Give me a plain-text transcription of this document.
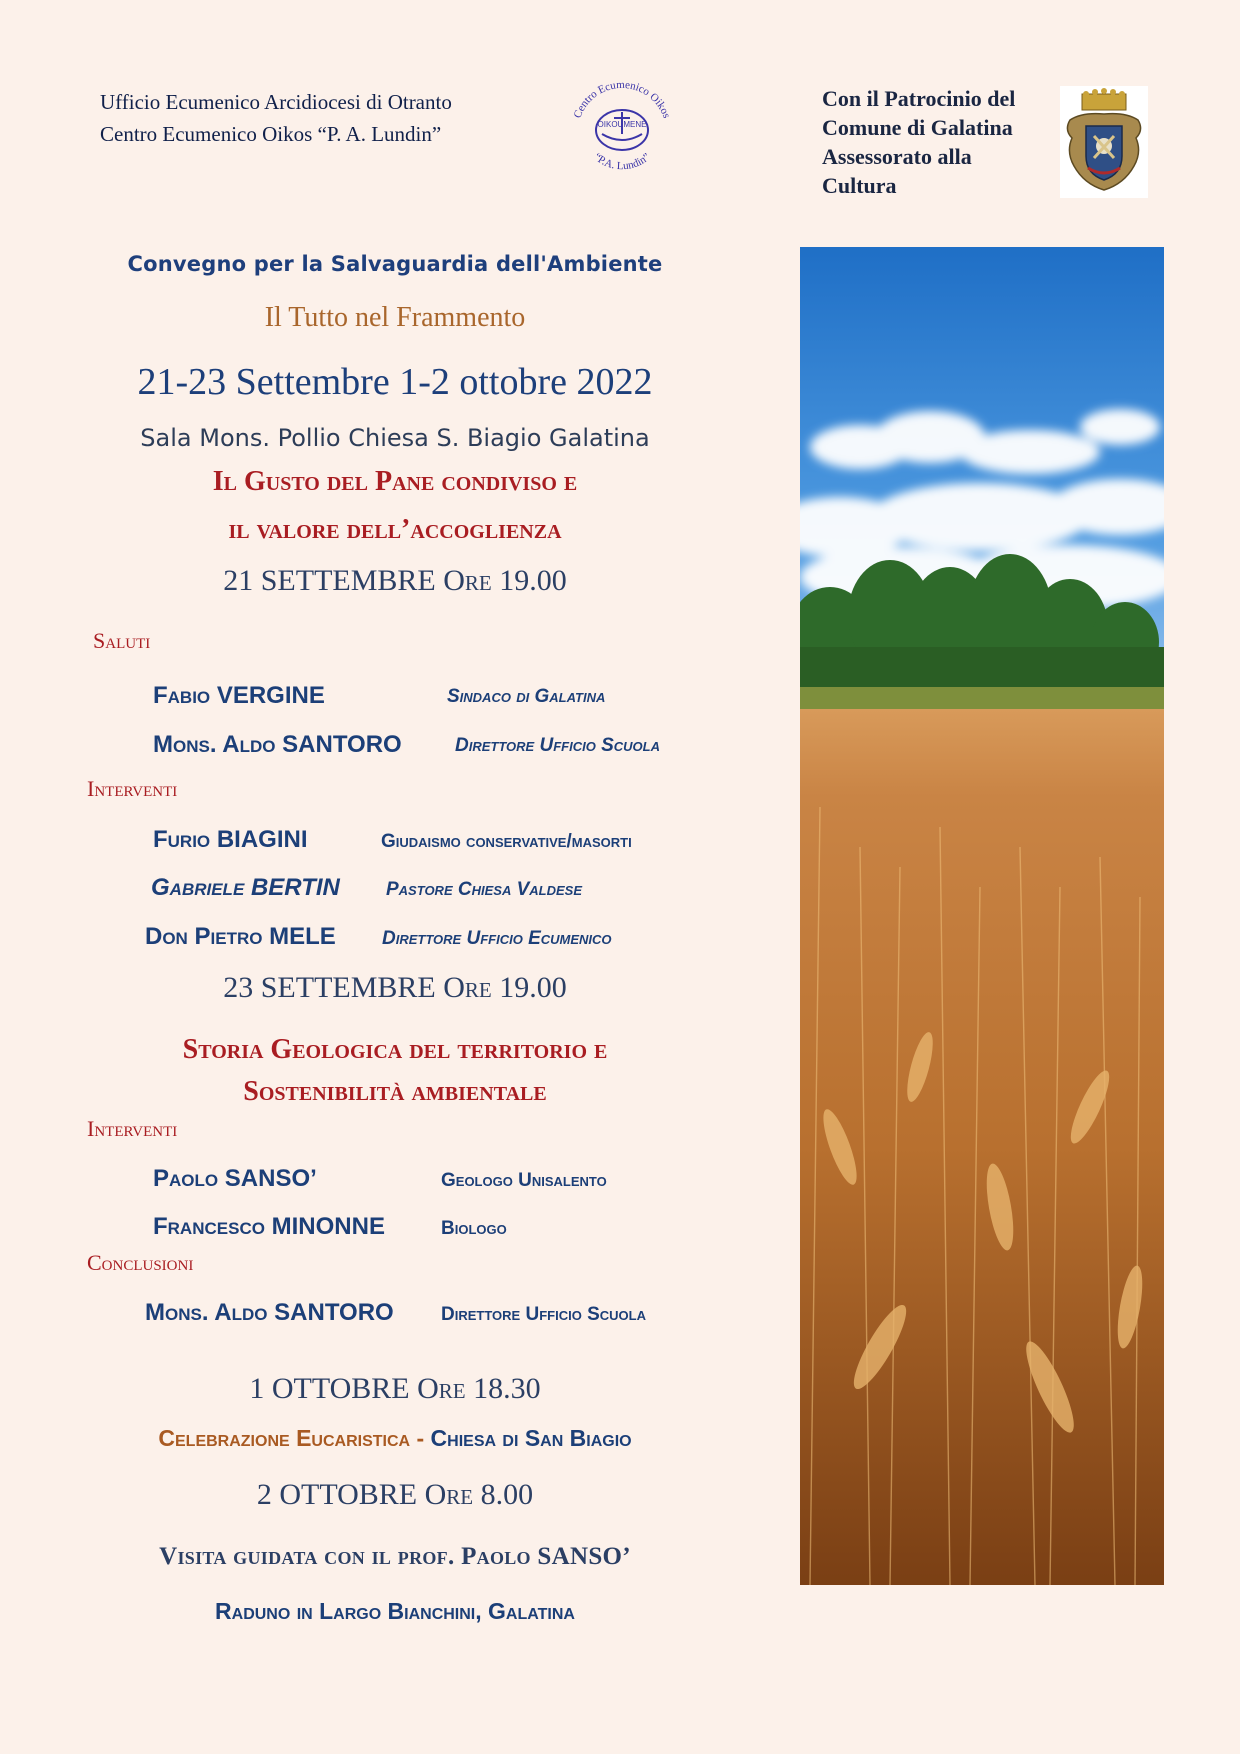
Ufficio Ecumenico Arcidiocesi di Otranto
Centro Ecumenico Oikos “P. A. Lundin”
Centro Ecumenico Oikos
“P.A. Lundin”
OIKOUMENE
Con il Patrocinio del
Comune di Galatina
Assessorato alla
Cultura
Convegno per la Salvaguardia dell'Ambiente
Il Tutto nel Frammento
21-23 Settembre 1-2 ottobre 2022
Sala Mons. Pollio Chiesa S. Biagio Galatina
Il Gusto del Pane condiviso e
il valore dell’accoglienza
21 SETTEMBRE Ore 19.00
Saluti
Fabio VERGINE	Sindaco di Galatina
Mons. Aldo SANTORO	Direttore Ufficio Scuola
Interventi
Furio BIAGINI	Giudaismo conservative/masorti
Gabriele BERTIN Pastore Chiesa Valdese
Don Pietro MELE Direttore Ufficio Ecumenico
23 SETTEMBRE Ore 19.00
Storia Geologica del territorio e
Sostenibilità ambientale
Interventi
Paolo SANSO’	Geologo Unisalento
Francesco MINONNE	Biologo
Conclusioni
Mons. Aldo SANTORO Direttore Ufficio Scuola
1 OTTOBRE Ore 18.30
Celebrazione Eucaristica - Chiesa di San Biagio
2 OTTOBRE Ore 8.00
Visita guidata con il prof. Paolo SANSO’
Raduno in Largo Bianchini, Galatina
